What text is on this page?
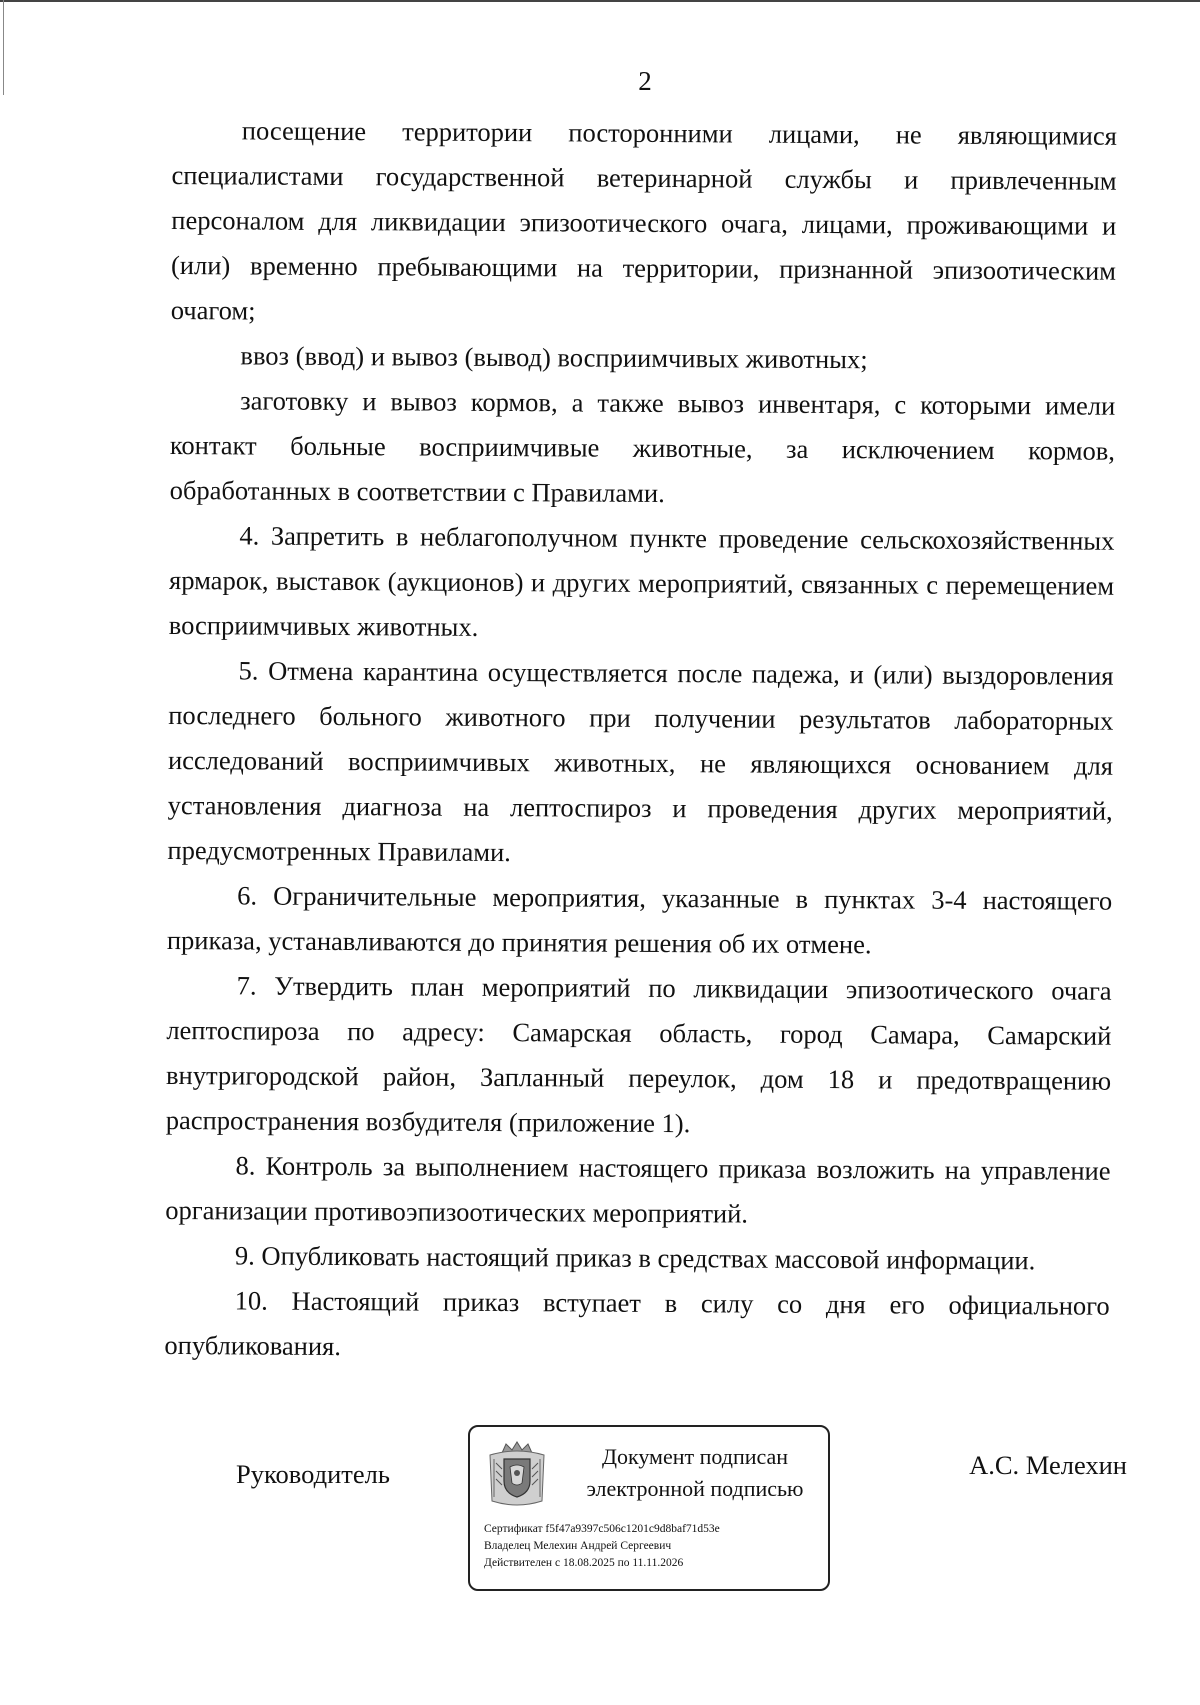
2

посещение территории посторонними лицами, не являющимися специалистами государственной ветеринарной службы и привлеченным персоналом для ликвидации эпизоотического очага, лицами, проживающими и (или) временно пребывающими на территории, признанной эпизоотическим очагом;

ввоз (ввод) и вывоз (вывод) восприимчивых животных;

заготовку и вывоз кормов, а также вывоз инвентаря, с которыми имели контакт больные восприимчивые животные, за исключением кормов, обработанных в соответствии с Правилами.

4. Запретить в неблагополучном пункте проведение сельскохозяйственных ярмарок, выставок (аукционов) и других мероприятий, связанных с перемещением восприимчивых животных.

5. Отмена карантина осуществляется после падежа, и (или) выздоровления последнего больного животного при получении результатов лабораторных исследований восприимчивых животных, не являющихся основанием для установления диагноза на лептоспироз и проведения других мероприятий, предусмотренных Правилами.

6. Ограничительные мероприятия, указанные в пунктах 3-4 настоящего приказа, устанавливаются до принятия решения об их отмене.

7. Утвердить план мероприятий по ликвидации эпизоотического очага лептоспироза по адресу: Самарская область, город Самара, Самарский внутригородской район, Запланный переулок, дом 18 и предотвращению распространения возбудителя (приложение 1).

8. Контроль за выполнением настоящего приказа возложить на управление организации противоэпизоотических мероприятий.

9. Опубликовать настоящий приказ в средствах массовой информации.

10. Настоящий приказ вступает в силу со дня его официального опубликования.

Руководитель
Документ подписан
электронной подписью
Сертификат f5f47a9397c506c1201c9d8baf71d53e
Владелец Мелехин Андрей Сергеевич
Действителен с 18.08.2025 по 11.11.2026
А.С. Мелехин
